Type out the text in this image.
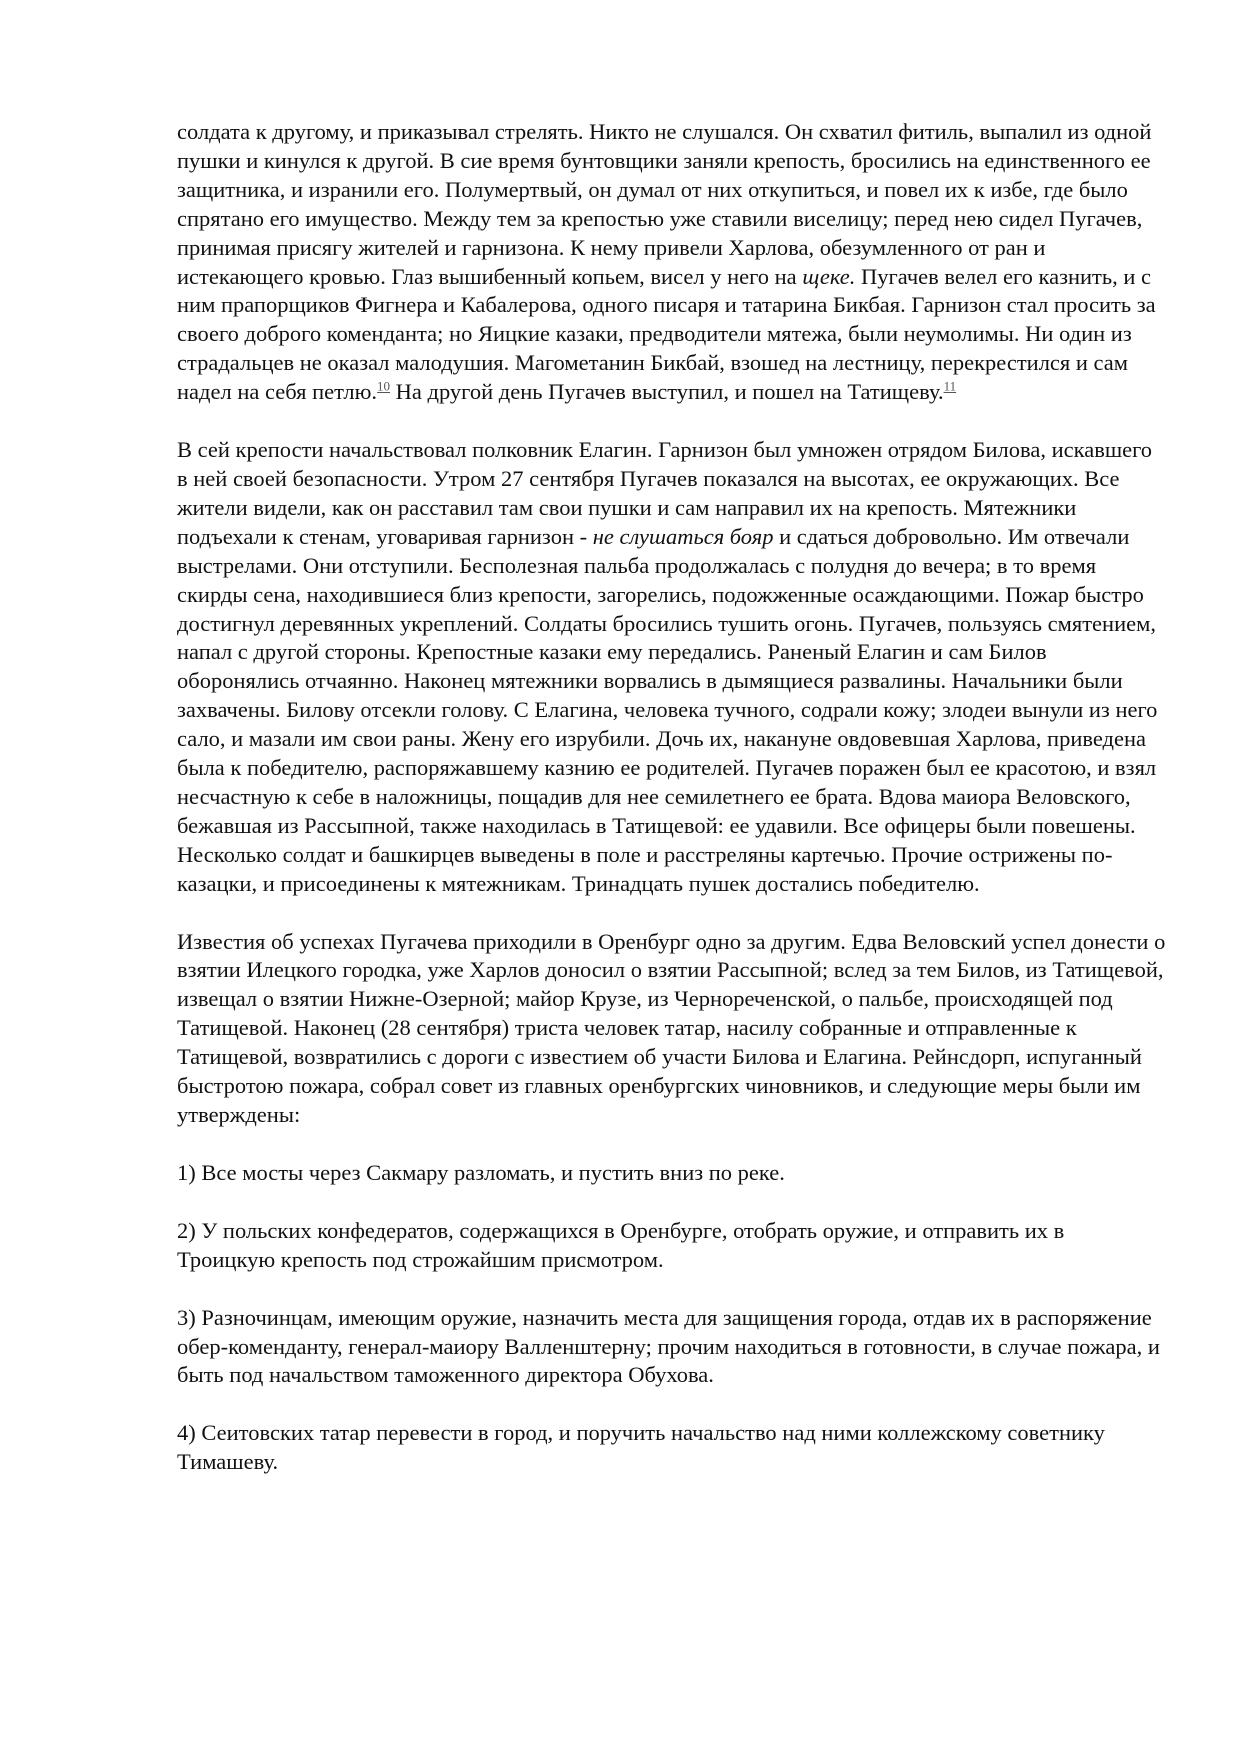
солдата к другому, и приказывал стрелять. Никто не слушался. Он схватил фитиль, выпалил из одной пушки и кинулся к другой. В сие время бунтовщики заняли крепость, бросились на единственного ее защитника, и изранили его. Полумертвый, он думал от них откупиться, и повел их к избе, где было спрятано его имущество. Между тем за крепостью уже ставили виселицу; перед нею сидел Пугачев, принимая присягу жителей и гарнизона. К нему привели Харлова, обезумленного от ран и истекающего кровью. Глаз вышибенный копьем, висел у него на щеке. Пугачев велел его казнить, и с ним прапорщиков Фигнера и Кабалерова, одного писаря и татарина Бикбая. Гарнизон стал просить за своего доброго коменданта; но Яицкие казаки, предводители мятежа, были неумолимы. Ни один из страдальцев не оказал малодушия. Магометанин Бикбай, взошед на лестницу, перекрестился и сам надел на себя петлю.$^{10}$ На другой день Пугачев выступил, и пошел на Татищеву.$^{11}$

В сей крепости начальствовал полковник Елагин. Гарнизон был умножен отрядом Билова, искавшего в ней своей безопасности. Утром 27 сентября Пугачев показался на высотах, ее окружающих. Все жители видели, как он расставил там свои пушки и сам направил их на крепость. Мятежники подъехали к стенам, уговаривая гарнизон - не слушаться бояр и сдаться добровольно. Им отвечали выстрелами. Они отступили. Бесполезная пальба продолжалась с полудня до вечера; в то время скирды сена, находившиеся близ крепости, загорелись, подожженные осаждающими. Пожар быстро достигнул деревянных укреплений. Солдаты бросились тушить огонь. Пугачев, пользуясь смятением, напал с другой стороны. Крепостные казаки ему передались. Раненый Елагин и сам Билов оборонялись отчаянно. Наконец мятежники ворвались в дымящиеся развалины. Начальники были захвачены. Билову отсекли голову. С Елагина, человека тучного, содрали кожу; злодеи вынули из него сало, и мазали им свои раны. Жену его изрубили. Дочь их, накануне овдовевшая Харлова, приведена была к победителю, распоряжавшему казнию ее родителей. Пугачев поражен был ее красотою, и взял несчастную к себе в наложницы, пощадив для нее семилетнего ее брата. Вдова маиора Веловского, бежавшая из Рассыпной, также находилась в Татищевой: ее удавили. Все офицеры были повешены. Несколько солдат и башкирцев выведены в поле и расстреляны картечью. Прочие острижены по-казацки, и присоединены к мятежникам. Тринадцать пушек достались победителю.

Известия об успехах Пугачева приходили в Оренбург одно за другим. Едва Веловский успел донести о взятии Илецкого городка, уже Харлов доносил о взятии Рассыпной; вслед за тем Билов, из Татищевой, извещал о взятии Нижне-Озерной; майор Крузе, из Чернореченской, о пальбе, происходящей под Татищевой. Наконец (28 сентября) триста человек татар, насилу собранные и отправленные к Татищевой, возвратились с дороги с известием об участи Билова и Елагина. Рейнсдорп, испуганный быстротою пожара, собрал совет из главных оренбургских чиновников, и следующие меры были им утверждены:

1) Все мосты через Сакмару разломать, и пустить вниз по реке.

2) У польских конфедератов, содержащихся в Оренбурге, отобрать оружие, и отправить их в Троицкую крепость под строжайшим присмотром.

3) Разночинцам, имеющим оружие, назначить места для защищения города, отдав их в распоряжение обер-коменданту, генерал-маиору Валленштерну; прочим находиться в готовности, в случае пожара, и быть под начальством таможенного директора Обухова.

4) Сеитовских татар перевести в город, и поручить начальство над ними коллежскому советнику Тимашеву.
